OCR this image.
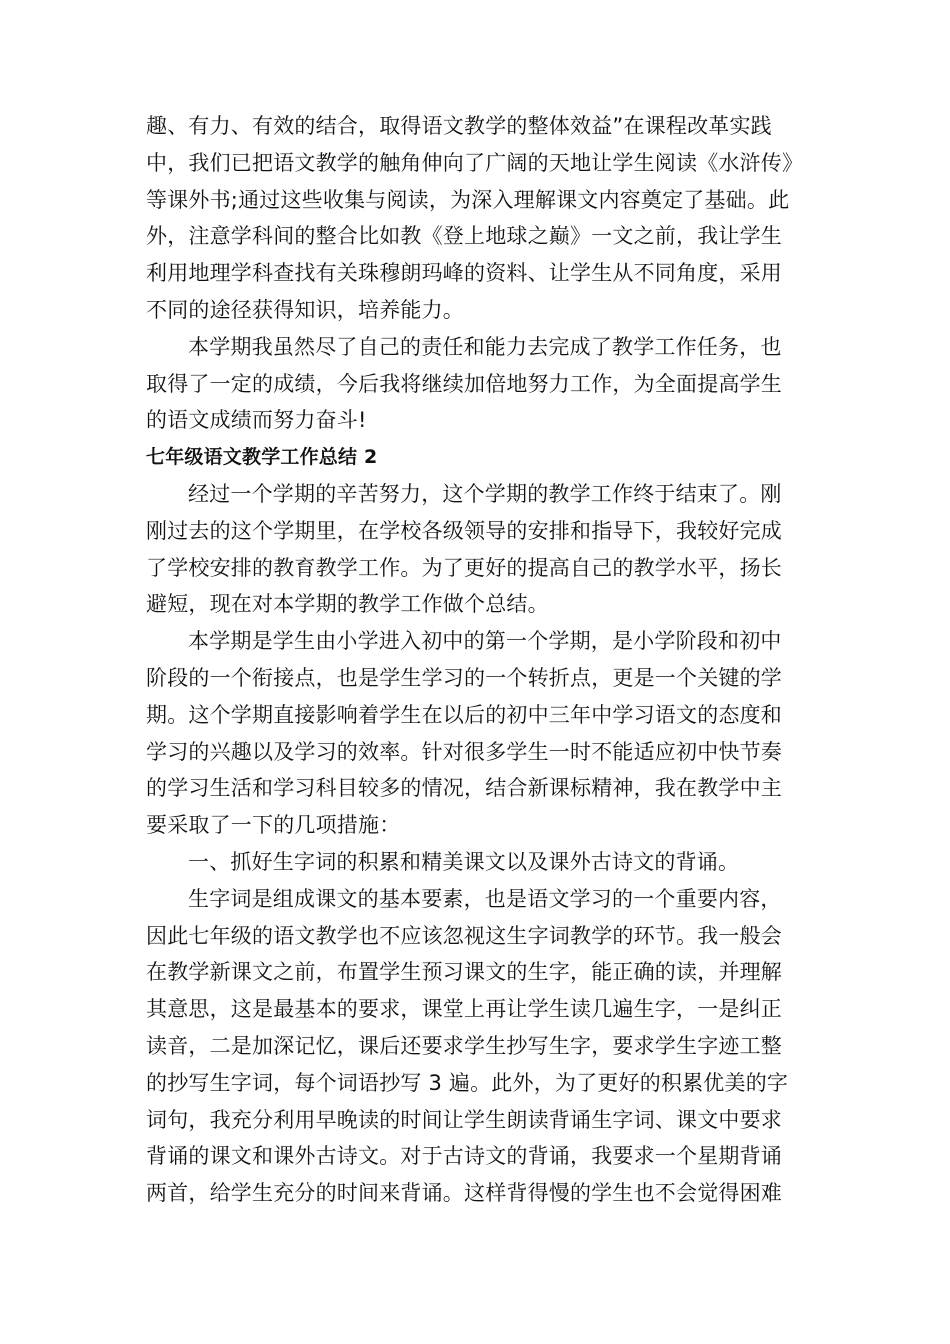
趣、有力、有效的结合，取得语文教学的整体效益”在课程改革实践
中，我们已把语文教学的触角伸向了广阔的天地让学生阅读《水浒传》
等课外书;通过这些收集与阅读，为深入理解课文内容奠定了基础。此
外，注意学科间的整合比如教《登上地球之巅》一文之前，我让学生
利用地理学科查找有关珠穆朗玛峰的资料、让学生从不同角度，采用
不同的途径获得知识，培养能力。
本学期我虽然尽了自己的责任和能力去完成了教学工作任务，也
取得了一定的成绩，今后我将继续加倍地努力工作，为全面提高学生
的语文成绩而努力奋斗!
七年级语文教学工作总结 2
经过一个学期的辛苦努力，这个学期的教学工作终于结束了。刚
刚过去的这个学期里，在学校各级领导的安排和指导下，我较好完成
了学校安排的教育教学工作。为了更好的提高自己的教学水平，扬长
避短，现在对本学期的教学工作做个总结。
本学期是学生由小学进入初中的第一个学期，是小学阶段和初中
阶段的一个衔接点，也是学生学习的一个转折点，更是一个关键的学
期。这个学期直接影响着学生在以后的初中三年中学习语文的态度和
学习的兴趣以及学习的效率。针对很多学生一时不能适应初中快节奏
的学习生活和学习科目较多的情况，结合新课标精神，我在教学中主
要采取了一下的几项措施：
一、抓好生字词的积累和精美课文以及课外古诗文的背诵。
生字词是组成课文的基本要素，也是语文学习的一个重要内容，
因此七年级的语文教学也不应该忽视这生字词教学的环节。我一般会
在教学新课文之前，布置学生预习课文的生字，能正确的读，并理解
其意思，这是最基本的要求，课堂上再让学生读几遍生字，一是纠正
读音，二是加深记忆，课后还要求学生抄写生字，要求学生字迹工整
的抄写生字词，每个词语抄写 3 遍。此外，为了更好的积累优美的字
词句，我充分利用早晚读的时间让学生朗读背诵生字词、课文中要求
背诵的课文和课外古诗文。对于古诗文的背诵，我要求一个星期背诵
两首，给学生充分的时间来背诵。这样背得慢的学生也不会觉得困难
